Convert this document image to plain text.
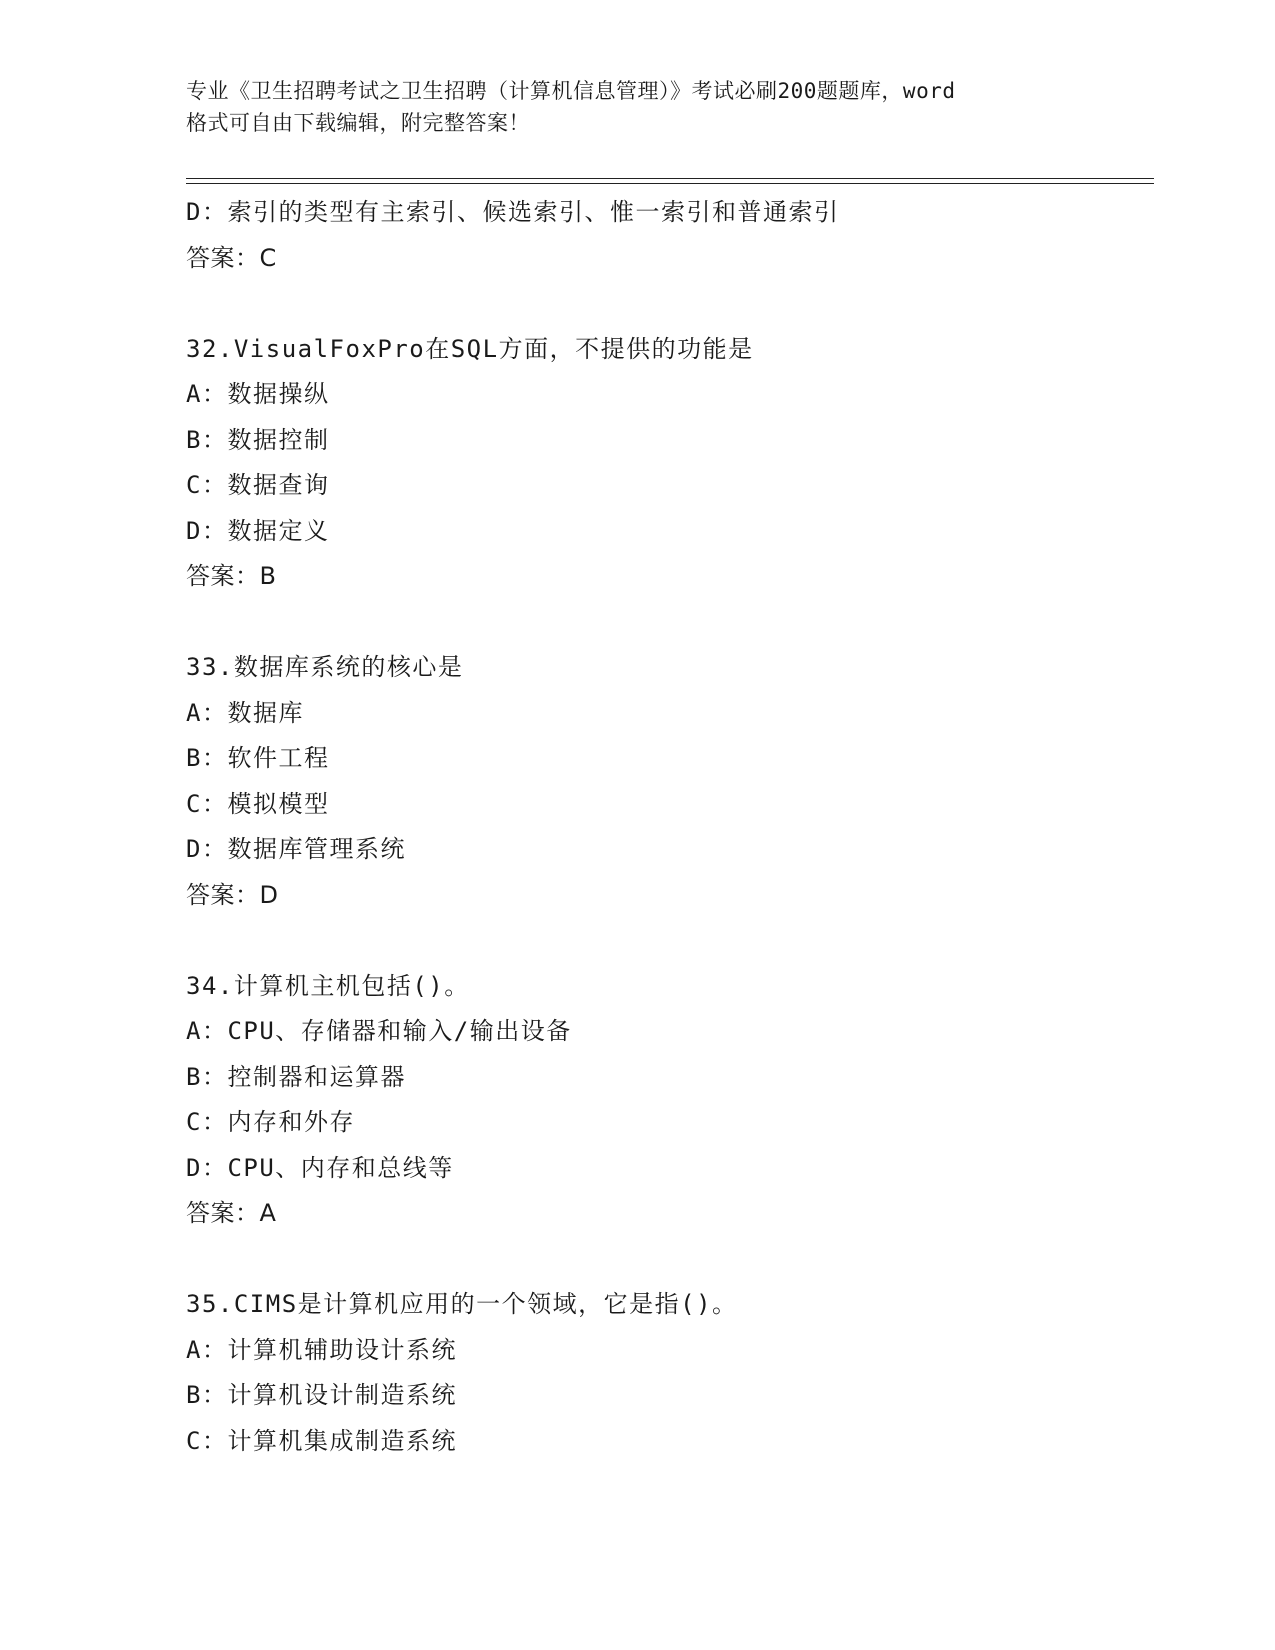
专业《卫生招聘考试之卫生招聘（计算机信息管理）》考试必刷200题题库，word
格式可自由下载编辑，附完整答案！
D：索引的类型有主索引、候选索引、惟一索引和普通索引
答案：C
32.VisualFoxPro在SQL方面，不提供的功能是
A：数据操纵
B：数据控制
C：数据查询
D：数据定义
答案：B
33.数据库系统的核心是
A：数据库
B：软件工程
C：模拟模型
D：数据库管理系统
答案：D
34.计算机主机包括()。
A：CPU、存储器和输入/输出设备
B：控制器和运算器
C：内存和外存
D：CPU、内存和总线等
答案：A
35.CIMS是计算机应用的一个领域，它是指()。
A：计算机辅助设计系统
B：计算机设计制造系统
C：计算机集成制造系统
